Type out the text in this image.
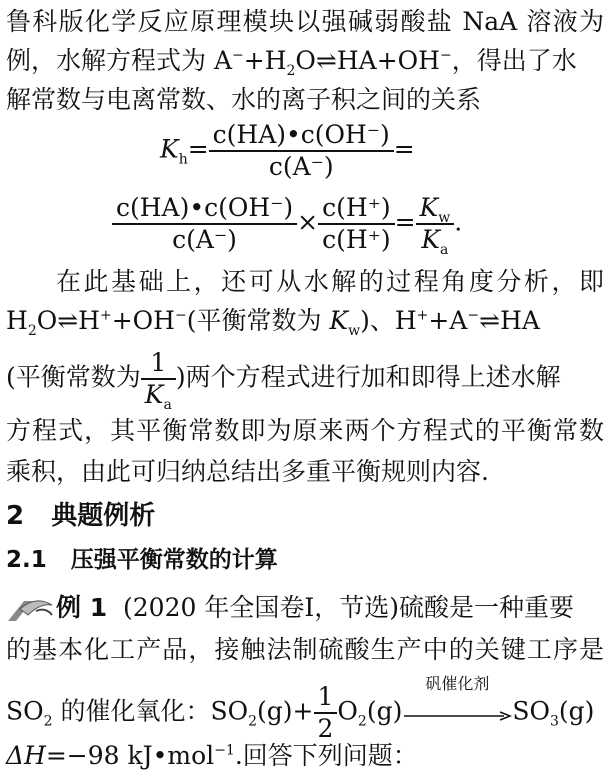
鲁科版化学反应原理模块以强碱弱酸盐 NaA 溶液为
例，水解方程式为 $A^-+H_2O\rightleftharpoons HA+OH^-$，得出了水
解常数与电离常数、水的离子积之间的关系
$K_h= \frac{c(HA)•c(OH^-)}{c(A^-)}$ =
$\frac{c(HA)•c(OH^-)}{c(A^-)} \times \frac{c(H^+)}{c(H^+)} = \frac{K_w}{K_a}$ .
在此基础上，还可从水解的过程角度分析，即
$H_2O\rightleftharpoons H^++OH^-$(平衡常数为 $K_w$)、H++A−⇌HA
(平衡常数为 $\frac{1}{K_a}$ )两个方程式进行加和即得上述水解
方程式，其平衡常数即为原来两个方程式的平衡常数
乘积，由此可归纳总结出多重平衡规则内容.
2 典题例析
2.1 压强平衡常数的计算
例 1 (2020 年全国卷Ⅰ，节选)硫酸是一种重要
的基本化工产品，接触法制硫酸生产中的关键工序是
$SO_2$ 的催化氧化：$SO_2(g)+ \frac{1}{2} O_2(g)$
矾催化剂
$SO_3(g)$
ΔH=−98 kJ•mol$^{-1}$.回答下列问题：
